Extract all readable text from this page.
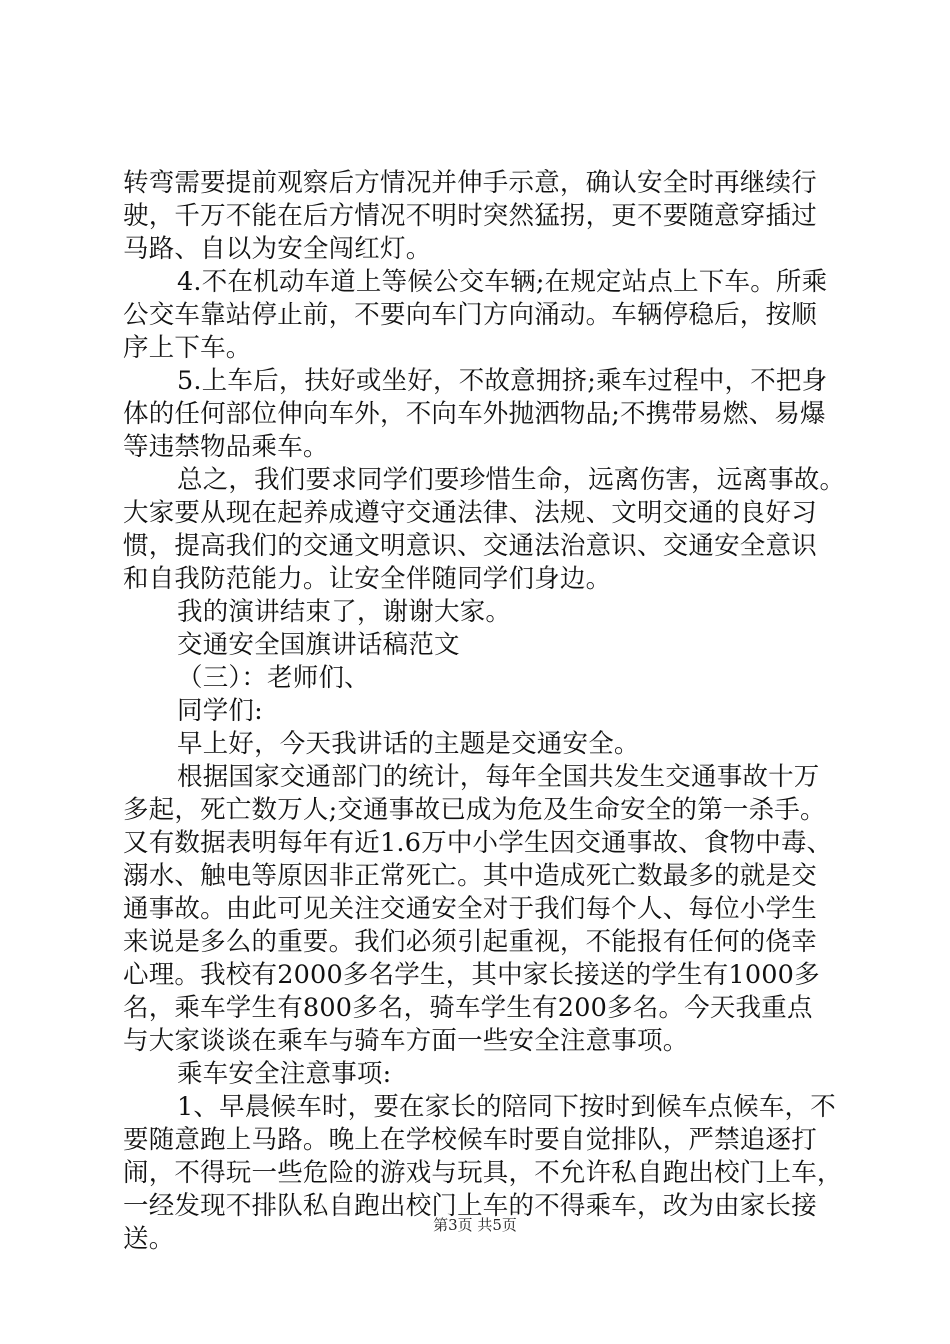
转弯需要提前观察后方情况并伸手示意，确认安全时再继续行
驶，千万不能在后方情况不明时突然猛拐，更不要随意穿插过
马路、自以为安全闯红灯。
4.不在机动车道上等候公交车辆;在规定站点上下车。所乘
公交车靠站停止前，不要向车门方向涌动。车辆停稳后，按顺
序上下车。
5.上车后，扶好或坐好，不故意拥挤;乘车过程中，不把身
体的任何部位伸向车外，不向车外抛洒物品;不携带易燃、易爆
等违禁物品乘车。
总之，我们要求同学们要珍惜生命，远离伤害，远离事故。
大家要从现在起养成遵守交通法律、法规、文明交通的良好习
惯，提高我们的交通文明意识、交通法治意识、交通安全意识
和自我防范能力。让安全伴随同学们身边。
我的演讲结束了，谢谢大家。
交通安全国旗讲话稿范文
（三）：老师们、
同学们:
早上好，今天我讲话的主题是交通安全。
根据国家交通部门的统计，每年全国共发生交通事故十万
多起，死亡数万人;交通事故已成为危及生命安全的第一杀手。
又有数据表明每年有近1.6万中小学生因交通事故、食物中毒、
溺水、触电等原因非正常死亡。其中造成死亡数最多的就是交
通事故。由此可见关注交通安全对于我们每个人、每位小学生
来说是多么的重要。我们必须引起重视，不能报有任何的侥幸
心理。我校有2000多名学生，其中家长接送的学生有1000多
名，乘车学生有800多名，骑车学生有200多名。今天我重点
与大家谈谈在乘车与骑车方面一些安全注意事项。
乘车安全注意事项:
1、早晨候车时，要在家长的陪同下按时到候车点候车，不
要随意跑上马路。晚上在学校候车时要自觉排队，严禁追逐打
闹，不得玩一些危险的游戏与玩具，不允许私自跑出校门上车，
一经发现不排队私自跑出校门上车的不得乘车，改为由家长接
送。	第3页 共5页
